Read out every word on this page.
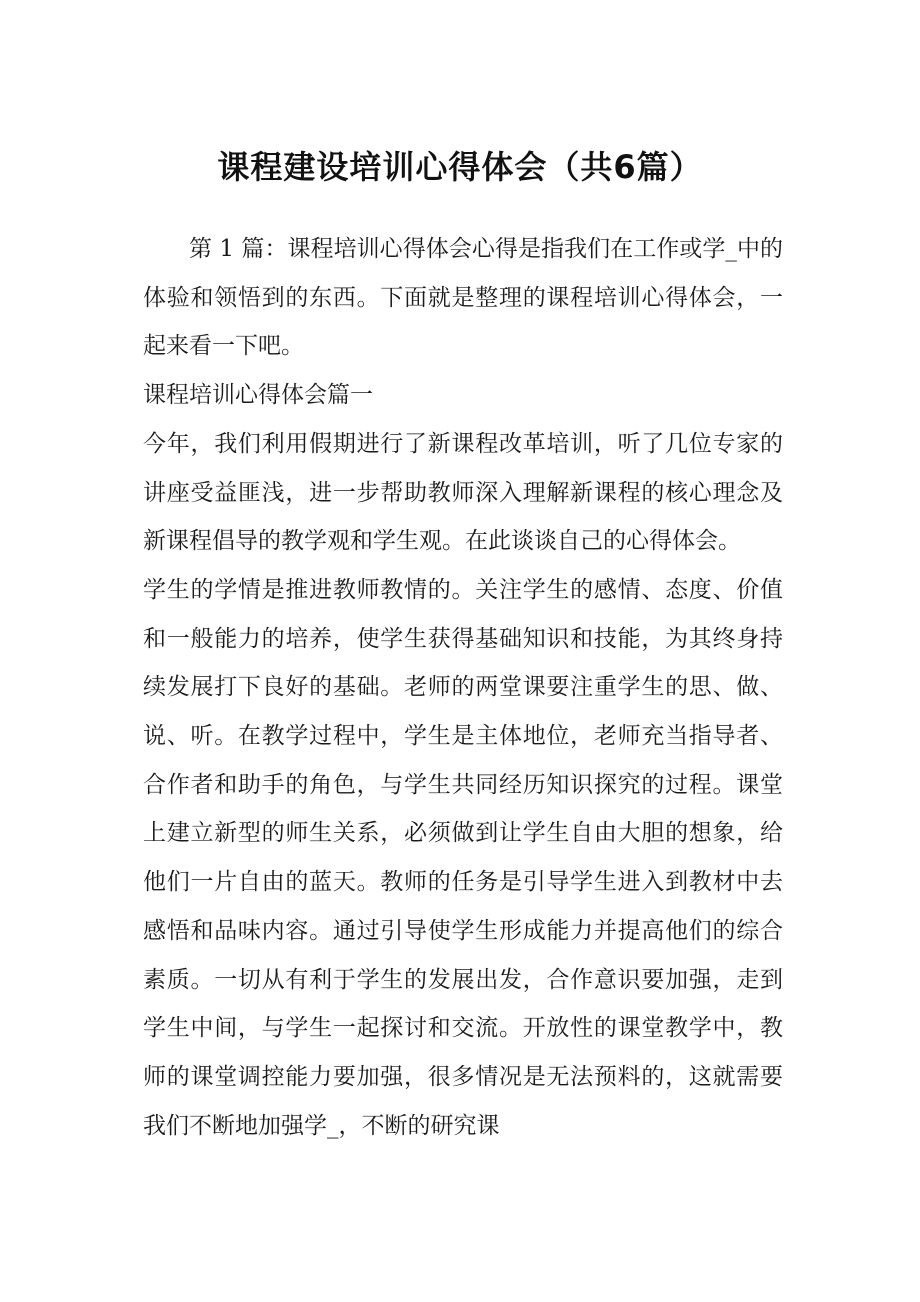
课程建设培训心得体会（共6篇）

第 1 篇：课程培训心得体会心得是指我们在工作或学_中的体验和领悟到的东西。下面就是整理的课程培训心得体会，一起来看一下吧。

课程培训心得体会篇一

今年，我们利用假期进行了新课程改革培训，听了几位专家的讲座受益匪浅，进一步帮助教师深入理解新课程的核心理念及新课程倡导的教学观和学生观。在此谈谈自己的心得体会。

学生的学情是推进教师教情的。关注学生的感情、态度、价值和一般能力的培养，使学生获得基础知识和技能，为其终身持续发展打下良好的基础。老师的两堂课要注重学生的思、做、说、听。在教学过程中，学生是主体地位，老师充当指导者、合作者和助手的角色，与学生共同经历知识探究的过程。课堂上建立新型的师生关系，必须做到让学生自由大胆的想象，给他们一片自由的蓝天。教师的任务是引导学生进入到教材中去感悟和品味内容。通过引导使学生形成能力并提高他们的综合素质。一切从有利于学生的发展出发，合作意识要加强，走到学生中间，与学生一起探讨和交流。开放性的课堂教学中，教师的课堂调控能力要加强，很多情况是无法预料的，这就需要我们不断地加强学_，不断的研究课
